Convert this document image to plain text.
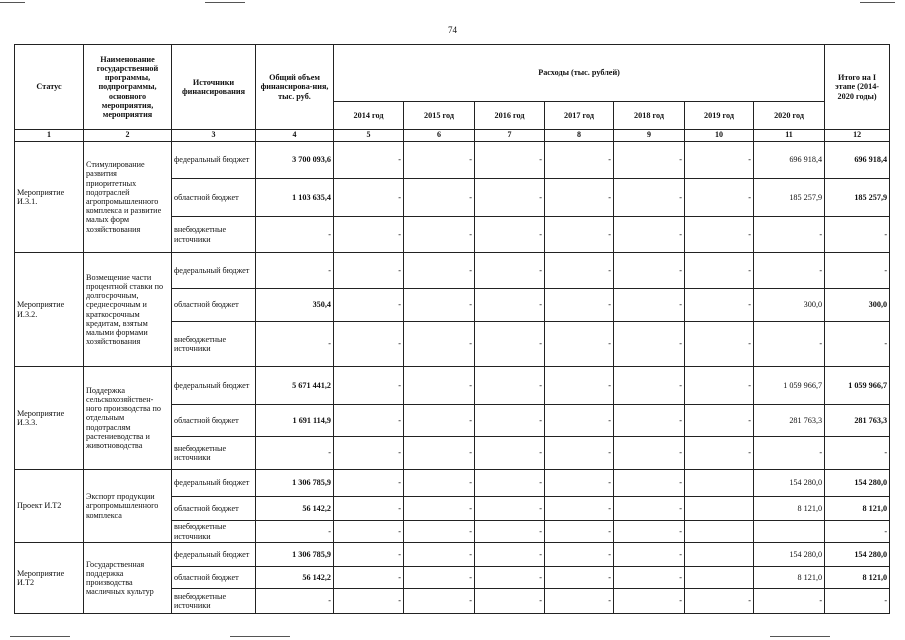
74
Статус	Наименование государственной программы, подпрограммы, основного мероприятия, мероприятия	Источники финансирования	Общий объем финансирова-ния, тыс. руб.	Расходы (тыс. рублей)							Итого на I этапе (2014-2020 годы)
				2014 год	2015 год	2016 год	2017 год	2018 год	2019 год	2020 год	
1	2	3	4	5	6	7	8	9	10	11	12
Мероприятие И.3.1.	Стимулирование развития приоритетных подотраслей агропромышленного комплекса и развитие малых форм хозяйствования	федеральный бюджет	3 700 093,6	-	-	-	-	-	-	696 918,4	696 918,4
		областной бюджет	1 103 635,4	-	-	-	-	-	-	185 257,9	185 257,9
		внебюджетные источники	-	-	-	-	-	-	-	-	-
Мероприятие И.3.2.	Возмещение части процентной ставки по долгосрочным, среднесрочным и краткосрочным кредитам, взятым малыми формами хозяйствования	федеральный бюджет	-	-	-	-	-	-	-	-	-
		областной бюджет	350,4	-	-	-	-	-	-	300,0	300,0
		внебюджетные источники	-	-	-	-	-	-	-	-	-
Мероприятие И.3.3.	Поддержка сельскохозяйствен-ного производства по отдельным подотраслям растениеводства и животноводства	федеральный бюджет	5 671 441,2	-	-	-	-	-	-	1 059 966,7	1 059 966,7
		областной бюджет	1 691 114,9	-	-	-	-	-	-	281 763,3	281 763,3
		внебюджетные источники	-	-	-	-	-	-	-	-	-
Проект И.Т2	Экспорт продукции агропромышленного комплекса	федеральный бюджет	1 306 785,9	-	-	-	-	-		154 280,0	154 280,0
		областной бюджет	56 142,2	-	-	-	-	-		8 121,0	8 121,0
		внебюджетные источники	-	-	-	-	-	-			-
Мероприятие И.Т2	Государственная поддержка производства масличных культур	федеральный бюджет	1 306 785,9	-	-	-	-	-		154 280,0	154 280,0
		областной бюджет	56 142,2	-	-	-	-	-		8 121,0	8 121,0
		внебюджетные источники	-	-	-	-	-	-	-	-	-
